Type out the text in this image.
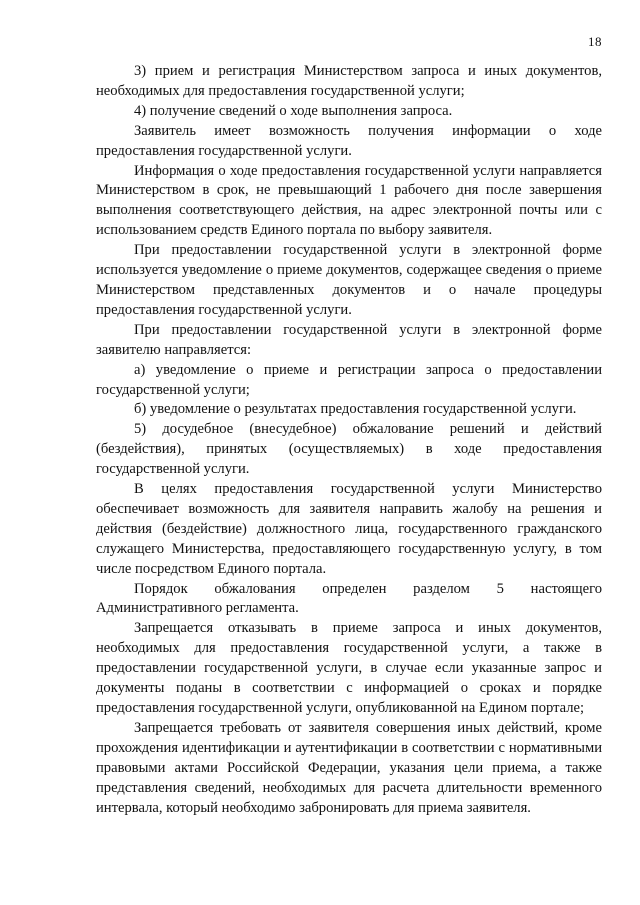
18

3) прием и регистрация Министерством запроса и иных документов, необходимых для предоставления государственной услуги;

4) получение сведений о ходе выполнения запроса.

Заявитель имеет возможность получения информации о ходе предоставления государственной услуги.

Информация о ходе предоставления государственной услуги направляется Министерством в срок, не превышающий 1 рабочего дня после завершения выполнения соответствующего действия, на адрес электронной почты или с использованием средств Единого портала по выбору заявителя.

При предоставлении государственной услуги в электронной форме используется уведомление о приеме документов, содержащее сведения о приеме Министерством представленных документов и о начале процедуры предоставления государственной услуги.

При предоставлении государственной услуги в электронной форме заявителю направляется:

а) уведомление о приеме и регистрации запроса о предоставлении государственной услуги;

б) уведомление о результатах предоставления государственной услуги.

5) досудебное (внесудебное) обжалование решений и действий (бездействия), принятых (осуществляемых) в ходе предоставления государственной услуги.

В целях предоставления государственной услуги Министерство обеспечивает возможность для заявителя направить жалобу на решения и действия (бездействие) должностного лица, государственного гражданского служащего Министерства, предоставляющего государственную услугу, в том числе посредством Единого портала.

Порядок обжалования определен разделом 5 настоящего Административного регламента.

Запрещается отказывать в приеме запроса и иных документов, необходимых для предоставления государственной услуги, а также в предоставлении государственной услуги, в случае если указанные запрос и документы поданы в соответствии с информацией о сроках и порядке предоставления государственной услуги, опубликованной на Едином портале;

Запрещается требовать от заявителя совершения иных действий, кроме прохождения идентификации и аутентификации в соответствии с нормативными правовыми актами Российской Федерации, указания цели приема, а также представления сведений, необходимых для расчета длительности временного интервала, который необходимо забронировать для приема заявителя.
